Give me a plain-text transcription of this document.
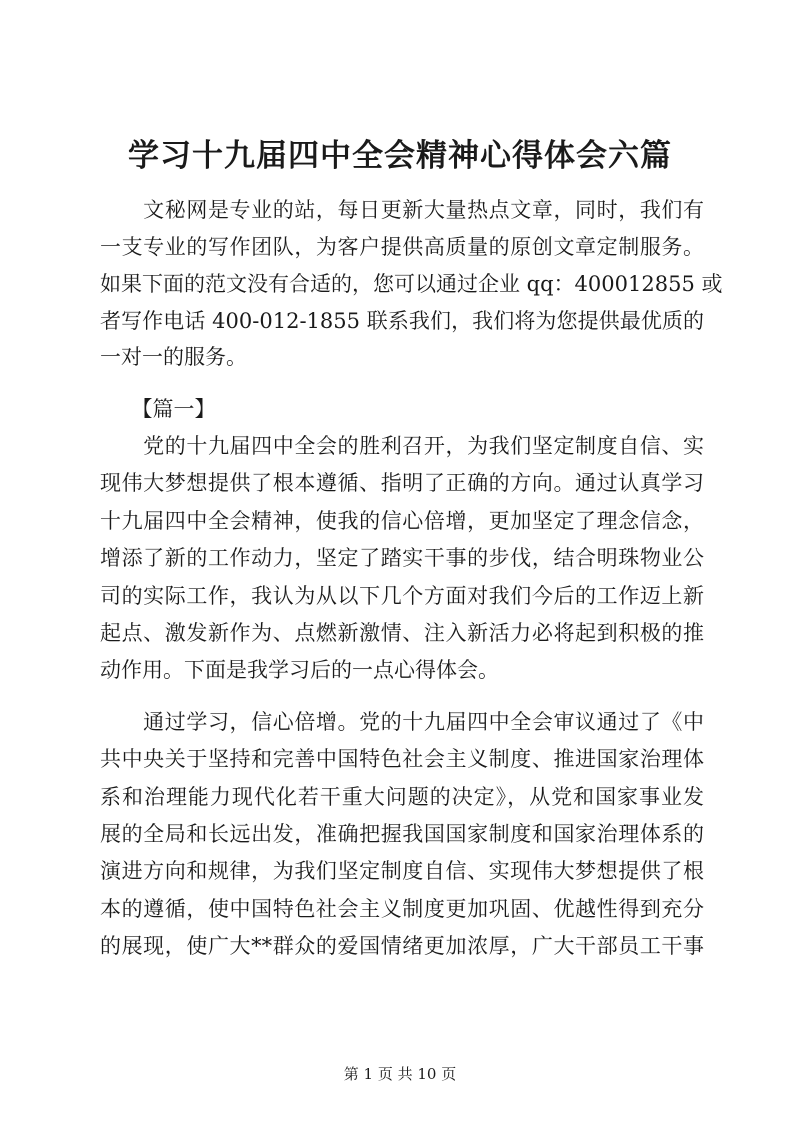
学习十九届四中全会精神心得体会六篇
　　文秘网是专业的站，每日更新大量热点文章，同时，我们有
一支专业的写作团队，为客户提供高质量的原创文章定制服务。
如果下面的范文没有合适的，您可以通过企业 qq：400012855 或
者写作电话 400-012-1855 联系我们，我们将为您提供最优质的
一对一的服务。
　　【篇一】
　　党的十九届四中全会的胜利召开，为我们坚定制度自信、实
现伟大梦想提供了根本遵循、指明了正确的方向。通过认真学习
十九届四中全会精神，使我的信心倍增，更加坚定了理念信念，
增添了新的工作动力，坚定了踏实干事的步伐，结合明珠物业公
司的实际工作，我认为从以下几个方面对我们今后的工作迈上新
起点、激发新作为、点燃新激情、注入新活力必将起到积极的推
动作用。下面是我学习后的一点心得体会。
　　通过学习，信心倍增。党的十九届四中全会审议通过了《中
共中央关于坚持和完善中国特色社会主义制度、推进国家治理体
系和治理能力现代化若干重大问题的决定》，从党和国家事业发
展的全局和长远出发，准确把握我国国家制度和国家治理体系的
演进方向和规律，为我们坚定制度自信、实现伟大梦想提供了根
本的遵循，使中国特色社会主义制度更加巩固、优越性得到充分
的展现，使广大**群众的爱国情绪更加浓厚，广大干部员工干事
第 1 页 共 10 页
